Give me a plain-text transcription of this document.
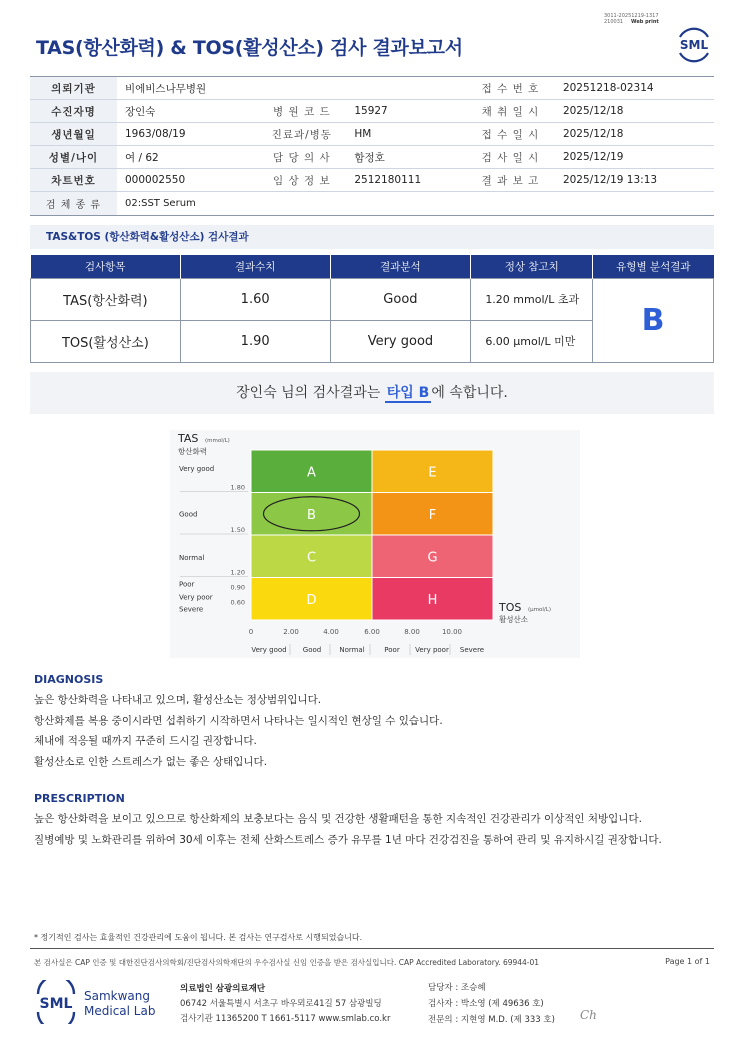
3011-20251219-1317
210031 Web print
TAS(항산화력) & TOS(활성산소) 검사 결과보고서	SML
의뢰기관	비에비스나무병원			접 수 번 호	20251218-02314
수진자명	장인숙	병 원 코 드	15927	채 취 일 시	2025/12/18
생년월일	1963/08/19	진료과/병동	HM	접 수 일 시	2025/12/18
성별/나이	여 / 62	담 당 의 사	함정호	검 사 일 시	2025/12/19
차트번호	000002550	임 상 정 보	2512180111	결 과 보 고	2025/12/19 13:13
검 체 종 류	02:SST Serum				
TAS&TOS (항산화력&활성산소) 검사결과
검사항목	결과수치	결과분석	정상 참고치	유형별 분석결과
TAS(항산화력)	1.60	Good	1.20 mmol/L 초과	B
TOS(활성산소)	1.90	Very good	6.00 μmol/L 미만	
장인숙 님의 검사결과는 타입 B 에 속합니다.
A	E
B	F
C	G
D	H
TAS (mmol/L)
항산화력
1.80
1.50
1.20
0.90
0.60
Very good
Good
Normal
Poor
Very poor
Severe
0	2.00	4.00	6.00	8.00	10.00
Very good Good	Normal	Poor Very poor Severe
TOS (μmol/L)
활성산소
DIAGNOSIS
높은 항산화력을 나타내고 있으며, 활성산소는 정상범위입니다.
항산화제를 복용 중이시라면 섭취하기 시작하면서 나타나는 일시적인 현상일 수 있습니다.
체내에 적응될 때까지 꾸준히 드시길 권장합니다.
활성산소로 인한 스트레스가 없는 좋은 상태입니다.
PRESCRIPTION
높은 항산화력을 보이고 있으므로 항산화제의 보충보다는 음식 및 건강한 생활패턴을 통한 지속적인 건강관리가 이상적인 처방입니다.
질병예방 및 노화관리를 위하여 30세 이후는 전체 산화스트레스 증가 유무를 1년 마다 건강검진을 통하여 관리 및 유지하시길 권장합니다.
* 정기적인 검사는 효율적인 건강관리에 도움이 됩니다. 본 검사는 연구검사로 시행되었습니다.
본 검사실은 CAP 인증 및 대한진단검사의학회/진단검사의학재단의 우수검사실 신임 인증을 받은 검사실입니다. CAP Accredited Laboratory. 69944-01	Page 1 of 1
SML Samkwang
Medical Lab
의료법인 삼광의료재단
06742 서울특별시 서초구 바우뫼로41길 57 삼광빌딩
검사기관 11365200 T 1661-5117 www.smlab.co.kr
담당자 : 조승혜
검사자 : 박소영 (제 49636 호)
전문의 : 지현영 M.D. (제 333 호) Ch
